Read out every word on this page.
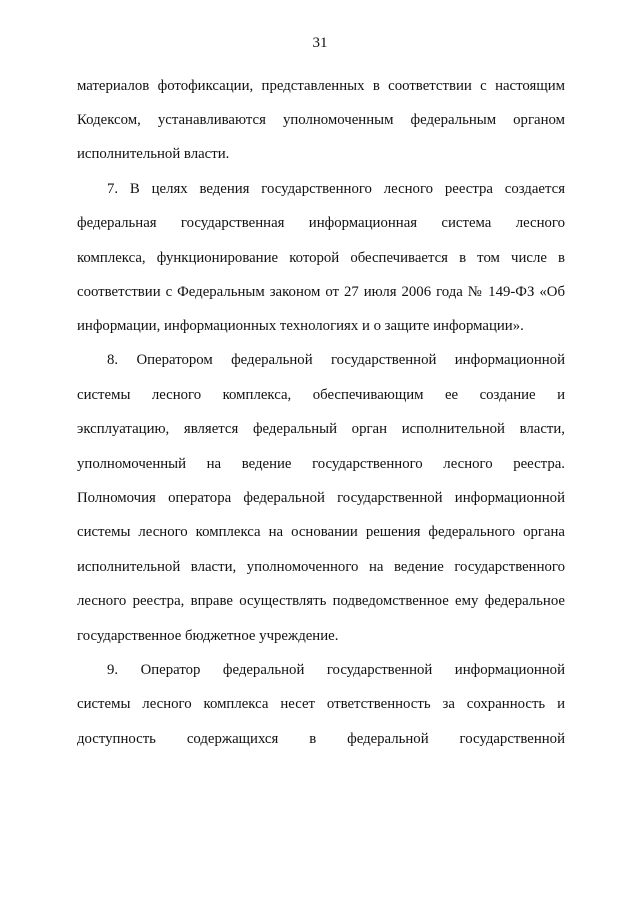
31
материалов фотофиксации, представленных в соответствии с настоящим
Кодексом, устанавливаются уполномоченным федеральным органом
исполнительной власти.
7. В целях ведения государственного лесного реестра создается
федеральная государственная информационная система лесного
комплекса, функционирование которой обеспечивается в том числе в
соответствии с Федеральным законом от 27 июля 2006 года № 149-ФЗ «Об
информации, информационных технологиях и о защите информации».
8. Оператором федеральной государственной информационной
системы лесного комплекса, обеспечивающим ее создание и
эксплуатацию, является федеральный орган исполнительной власти,
уполномоченный на ведение государственного лесного реестра.
Полномочия оператора федеральной государственной информационной
системы лесного комплекса на основании решения федерального органа
исполнительной власти, уполномоченного на ведение государственного
лесного реестра, вправе осуществлять подведомственное ему федеральное
государственное бюджетное учреждение.
9. Оператор федеральной государственной информационной
системы лесного комплекса несет ответственность за сохранность и
доступность содержащихся в федеральной государственной
